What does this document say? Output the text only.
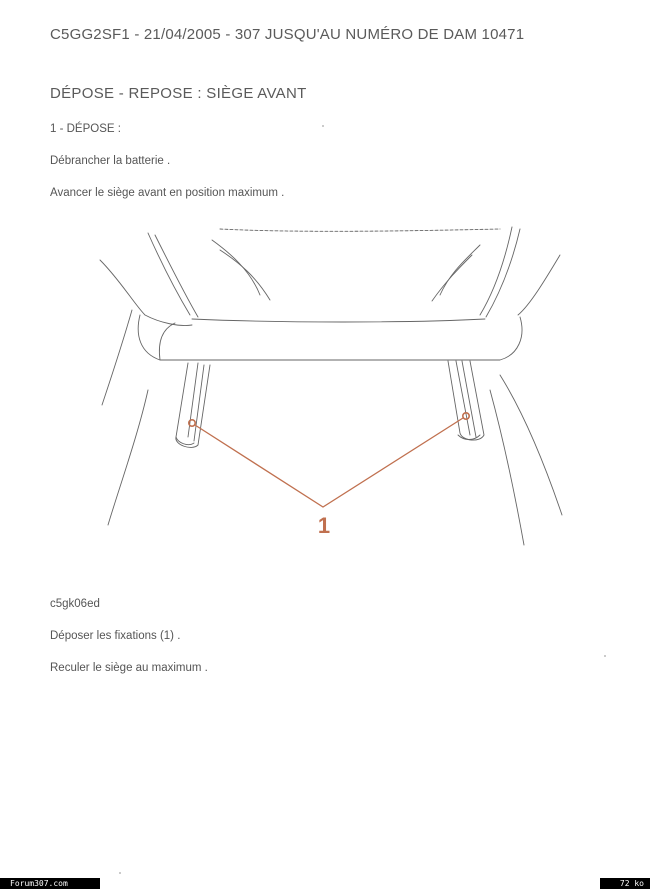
C5GG2SF1 - 21/04/2005 - 307 JUSQU'AU NUMÉRO DE DAM 10471
DÉPOSE - REPOSE : SIÈGE AVANT
1 - DÉPOSE :
Débrancher la batterie .
Avancer le siège avant en position maximum .
1
c5gk06ed
Déposer les fixations (1) .
Reculer le siège au maximum .
Forum307.com	72 ko
